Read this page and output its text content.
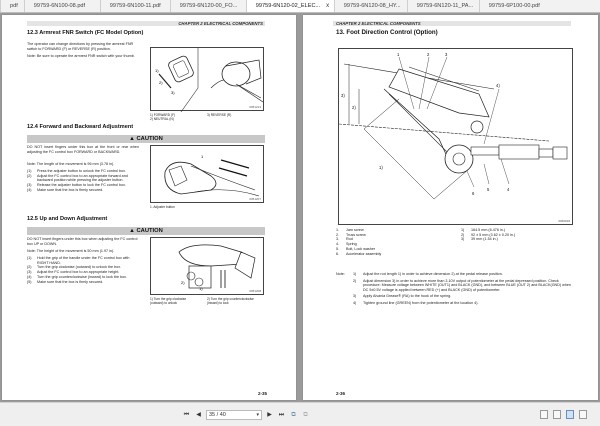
pdf	99759-6N100-08.pdf	99759-6N100-11.pdf	99759-6N120-00_FO...	99759-6N120-02_ELEC... x	99759-6N120-08_HY...	99759-6N120-11_PA...	99759-6P100-00.pdf
CHAPTER 2 ELECTRICAL COMPONENTS
12.3 Armrest FNR Switch (FC Model Option)
The operator can change directions by pressing the armrest FNR switch to FORWARD (F) or REVERSE (R) position.
Note: Be sure to operate the armrest FNR switch with your thumb.
1)
2)
3)
0051213
1) FORWARD (F)
2) NEUTRAL (N)
3) REVERSE (R)
12.4 Forward and Backward Adjustment
▲ CAUTION
DO NOT insert fingers under this box at the front or rear when adjusting the FC control box FORWARD or BACKWARD.
Note: The length of the movement is 96 mm (3.78 in).
(1)	Press the adjuster button to unlock the FC control box.
(2)	Adjust the FC control box to an appropriate forward and backward position while pressing the adjuster button.
(3)	Release the adjuster button to lock the FC control box.
(4)	Make sure that the box is firmly secured.
1
0051207
1. Adjuster button
12.5 Up and Down Adjustment
▲ CAUTION
DO NOT insert fingers under this box when adjusting the FC control box UP or DOWN.
Note: The height of the movement is 50 mm (1.97 in).
(1)	Hold the grip of the handle under the FC control box with RIGHT HAND.
(2)	Turn the grip clockwise (outward) to unlock the box.
(3)	Adjust the FC control box to an appropriate height.
(4)	Turn the grip counterclockwise (inward) to lock the box.
(5)	Make sure that the box is firmly secured.	2)
1)	0051208
1) Turn the grip clockwise (outward) to unlock
2) Turn the grip counterclockwise (inward) to lock
2-35
CHAPTER 2 ELECTRICAL COMPONENTS
13. Foot Direction Control (Option)
1	2	3
4)
3)
2)
1)
6
5	4
0060918
1.	Jam screw
2.	Truss screw
3.	Rod
4.	Spring
5.	Bolt, Lock washer
6.	Accelerator assembly
1)	164.5 mm (6.476 in.)
2)	92 ± 5 mm (3.62 ± 0.20 in.)
3)	39 mm (1.54 in.)
Note: 1)	Adjust the rod length 1) in order to achieve dimension 2) at the pedal release position.
2)	Adjust dimension 3) in order to achieve more than 3.10V output of potentiometer at the pedal depressed position. Check procedure: Measure voltage between WHITE (OUT1) and BLACK (GND), and between BLUE (OUT 2) and BLACK(GND) when DC 5±0.5V voltage is applied between RED (+) and BLACK (GND) of potentiometer.
3)	Apply Alvania Grease® (RA) to the hook of the spring.
4)	Tighten ground line (GREEN) from the potentiometer at the location 4).
2-36
⏮	◀	35 / 40	▾	▶	⏭	⧉	⧉
